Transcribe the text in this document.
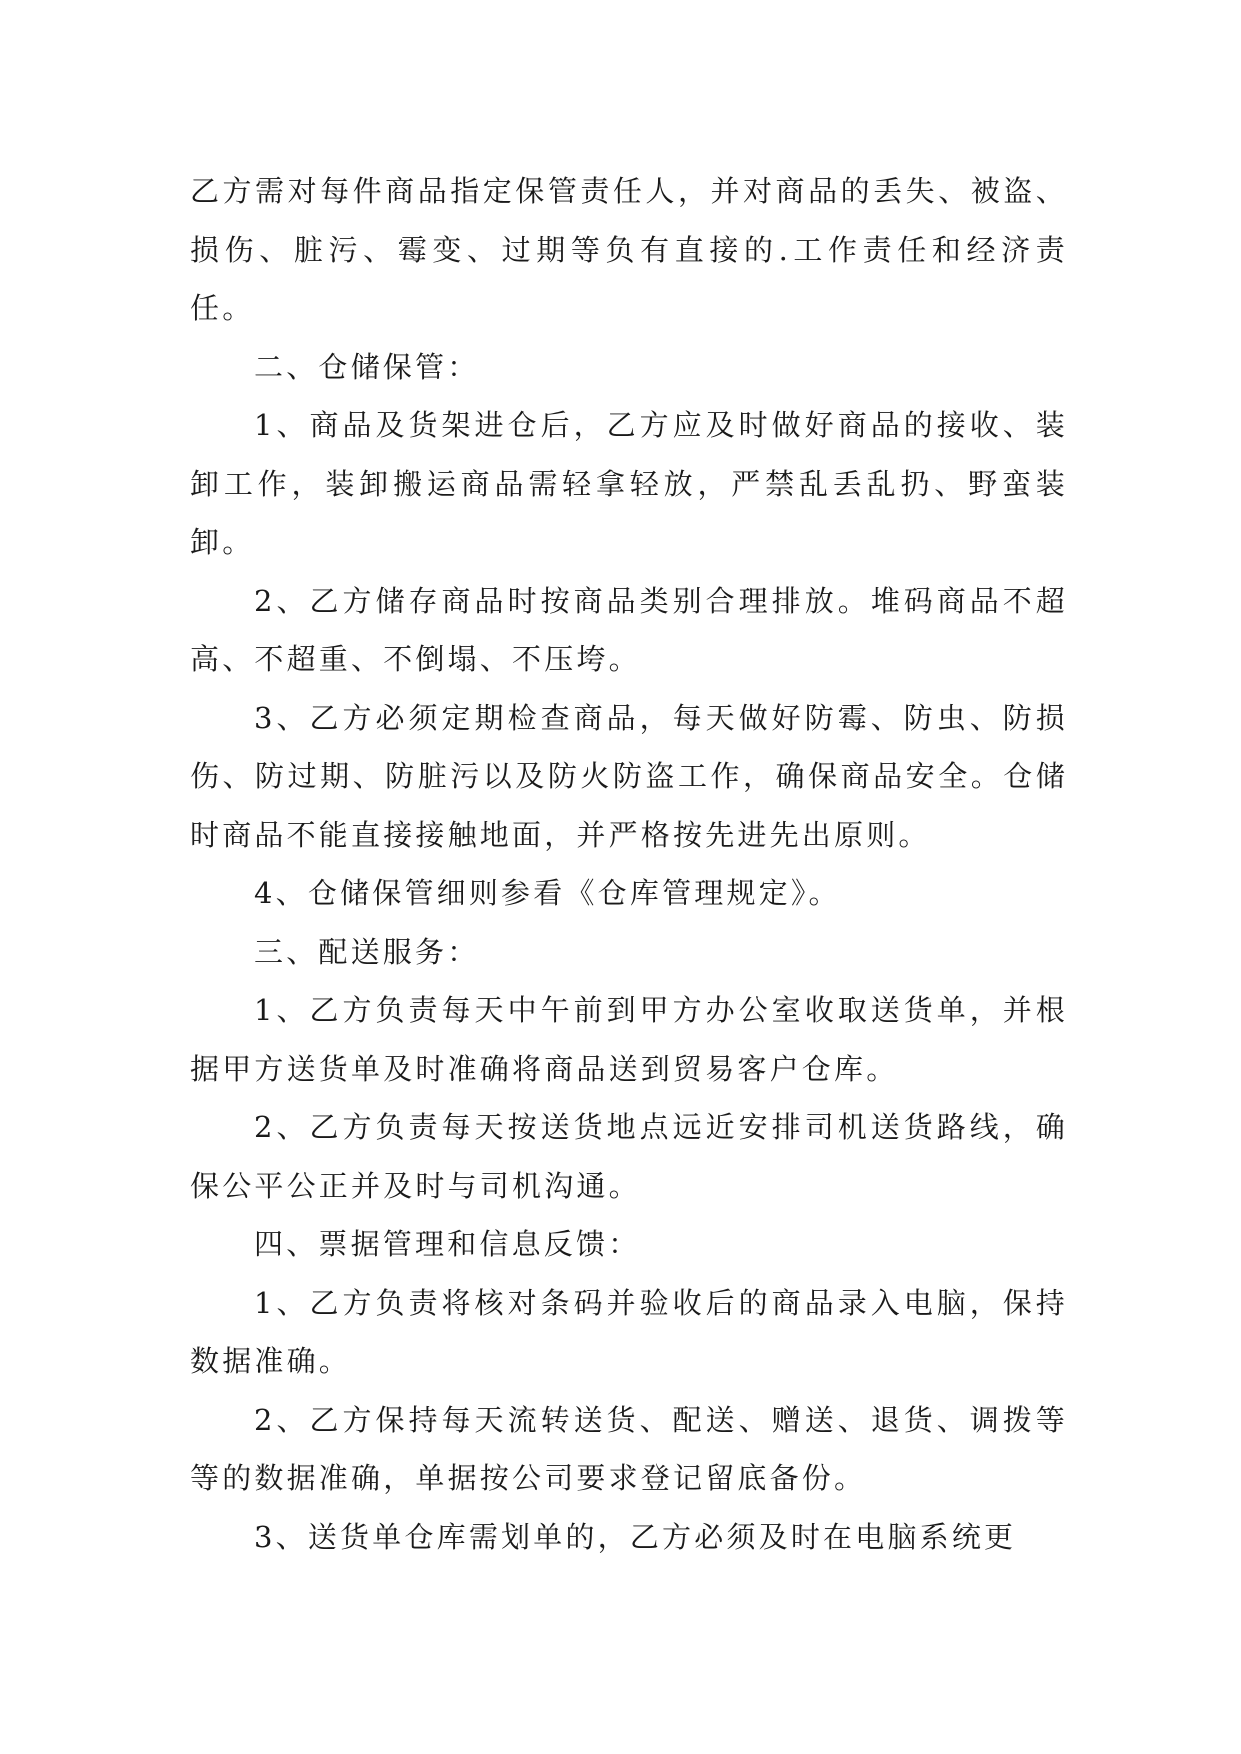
乙方需对每件商品指定保管责任人，并对商品的丢失、被盗、损伤、脏污、霉变、过期等负有直接的.工作责任和经济责任。

二、仓储保管：

1、商品及货架进仓后，乙方应及时做好商品的接收、装卸工作，装卸搬运商品需轻拿轻放，严禁乱丢乱扔、野蛮装卸。

2、乙方储存商品时按商品类别合理排放。堆码商品不超高、不超重、不倒塌、不压垮。

3、乙方必须定期检查商品，每天做好防霉、防虫、防损伤、防过期、防脏污以及防火防盗工作，确保商品安全。仓储时商品不能直接接触地面，并严格按先进先出原则。

4、仓储保管细则参看《仓库管理规定》。

三、配送服务：

1、乙方负责每天中午前到甲方办公室收取送货单，并根据甲方送货单及时准确将商品送到贸易客户仓库。

2、乙方负责每天按送货地点远近安排司机送货路线，确保公平公正并及时与司机沟通。

四、票据管理和信息反馈：

1、乙方负责将核对条码并验收后的商品录入电脑，保持数据准确。

2、乙方保持每天流转送货、配送、赠送、退货、调拨等等的数据准确，单据按公司要求登记留底备份。

3、送货单仓库需划单的，乙方必须及时在电脑系统更
